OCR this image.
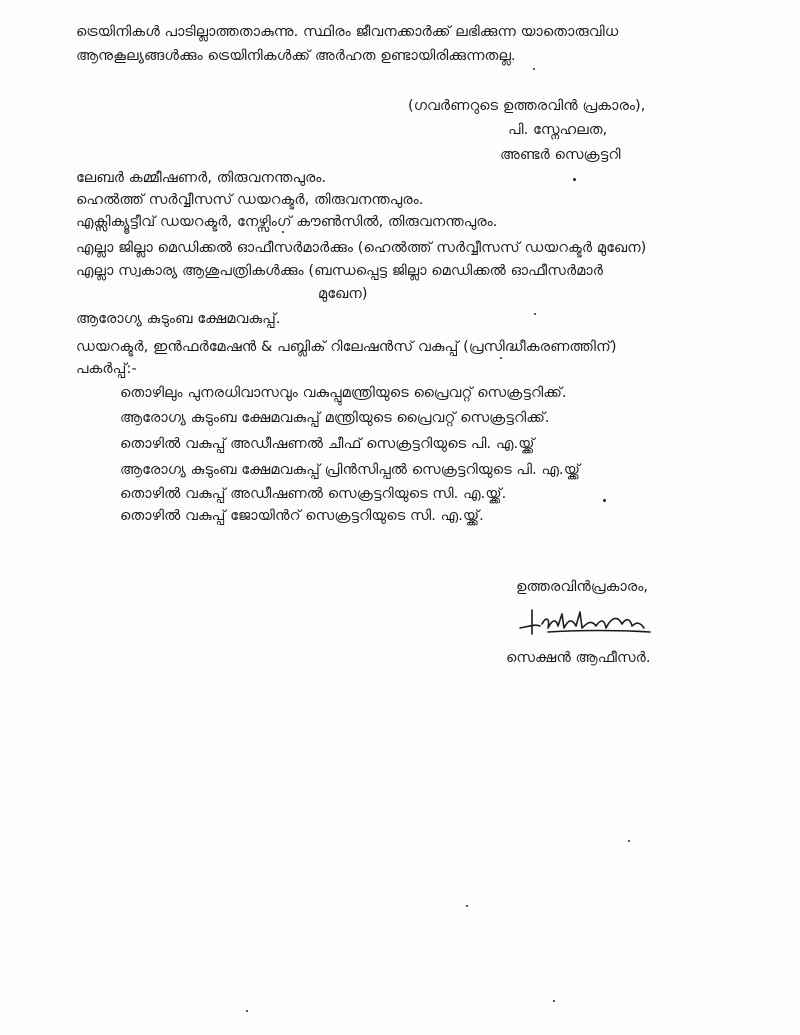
ട്രെയിനികൾ പാടില്ലാത്തതാകുന്നു. സ്ഥിരം ജീവനക്കാർക്ക് ലഭിക്കുന്ന യാതൊരുവിധ
ആനുകൂല്യങ്ങൾക്കും ട്രെയിനികൾക്ക് അർഹത ഉണ്ടായിരിക്കുന്നതല്ല.
(ഗവർണറുടെ ഉത്തരവിൻ പ്രകാരം),
പി. സ്നേഹലത,
അണ്ടർ സെക്രട്ടറി
ലേബർ കമ്മീഷണർ, തിരുവനന്തപുരം.
ഹെൽത്ത് സർവ്വീസസ് ഡയറക്ടർ, തിരുവനന്തപുരം.
എക്സിക്യൂട്ടീവ് ഡയറക്ടർ, നേഴ്സിംഗ് കൗൺസിൽ, തിരുവനന്തപുരം.
എല്ലാ ജില്ലാ മെഡിക്കൽ ഓഫീസർമാർക്കും (ഹെൽത്ത് സർവ്വീസസ് ഡയറക്ടർ മുഖേന)
എല്ലാ സ്വകാര്യ ആശുപത്രികൾക്കും (ബന്ധപ്പെട്ട ജില്ലാ മെഡിക്കൽ ഓഫീസർമാർ
മുഖേന)
ആരോഗ്യ കുടുംബ ക്ഷേമവകുപ്പ്.
ഡയറക്ടർ, ഇൻഫർമേഷൻ & പബ്ലിക് റിലേഷൻസ് വകുപ്പ് (പ്രസിദ്ധീകരണത്തിന്)
പകർപ്പ്:-
തൊഴിലും പുനരധിവാസവും വകുപ്പുമന്ത്രിയുടെ പ്രൈവറ്റ് സെക്രട്ടറിക്ക്.
ആരോഗ്യ കുടുംബ ക്ഷേമവകുപ്പ് മന്ത്രിയുടെ പ്രൈവറ്റ് സെക്രട്ടറിക്ക്.
തൊഴിൽ വകുപ്പ് അഡീഷണൽ ചീഫ് സെക്രട്ടറിയുടെ പി. എ.യ്ക്ക്
ആരോഗ്യ കുടുംബ ക്ഷേമവകുപ്പ് പ്രിൻസിപ്പൽ സെക്രട്ടറിയുടെ പി. എ.യ്ക്ക്
തൊഴിൽ വകുപ്പ് അഡീഷണൽ സെക്രട്ടറിയുടെ സി. എ.യ്ക്ക്.
തൊഴിൽ വകുപ്പ് ജോയിൻറ് സെക്രട്ടറിയുടെ സി. എ.യ്ക്ക്.
ഉത്തരവിൻപ്രകാരം,
സെക്ഷൻ ആഫീസർ.
